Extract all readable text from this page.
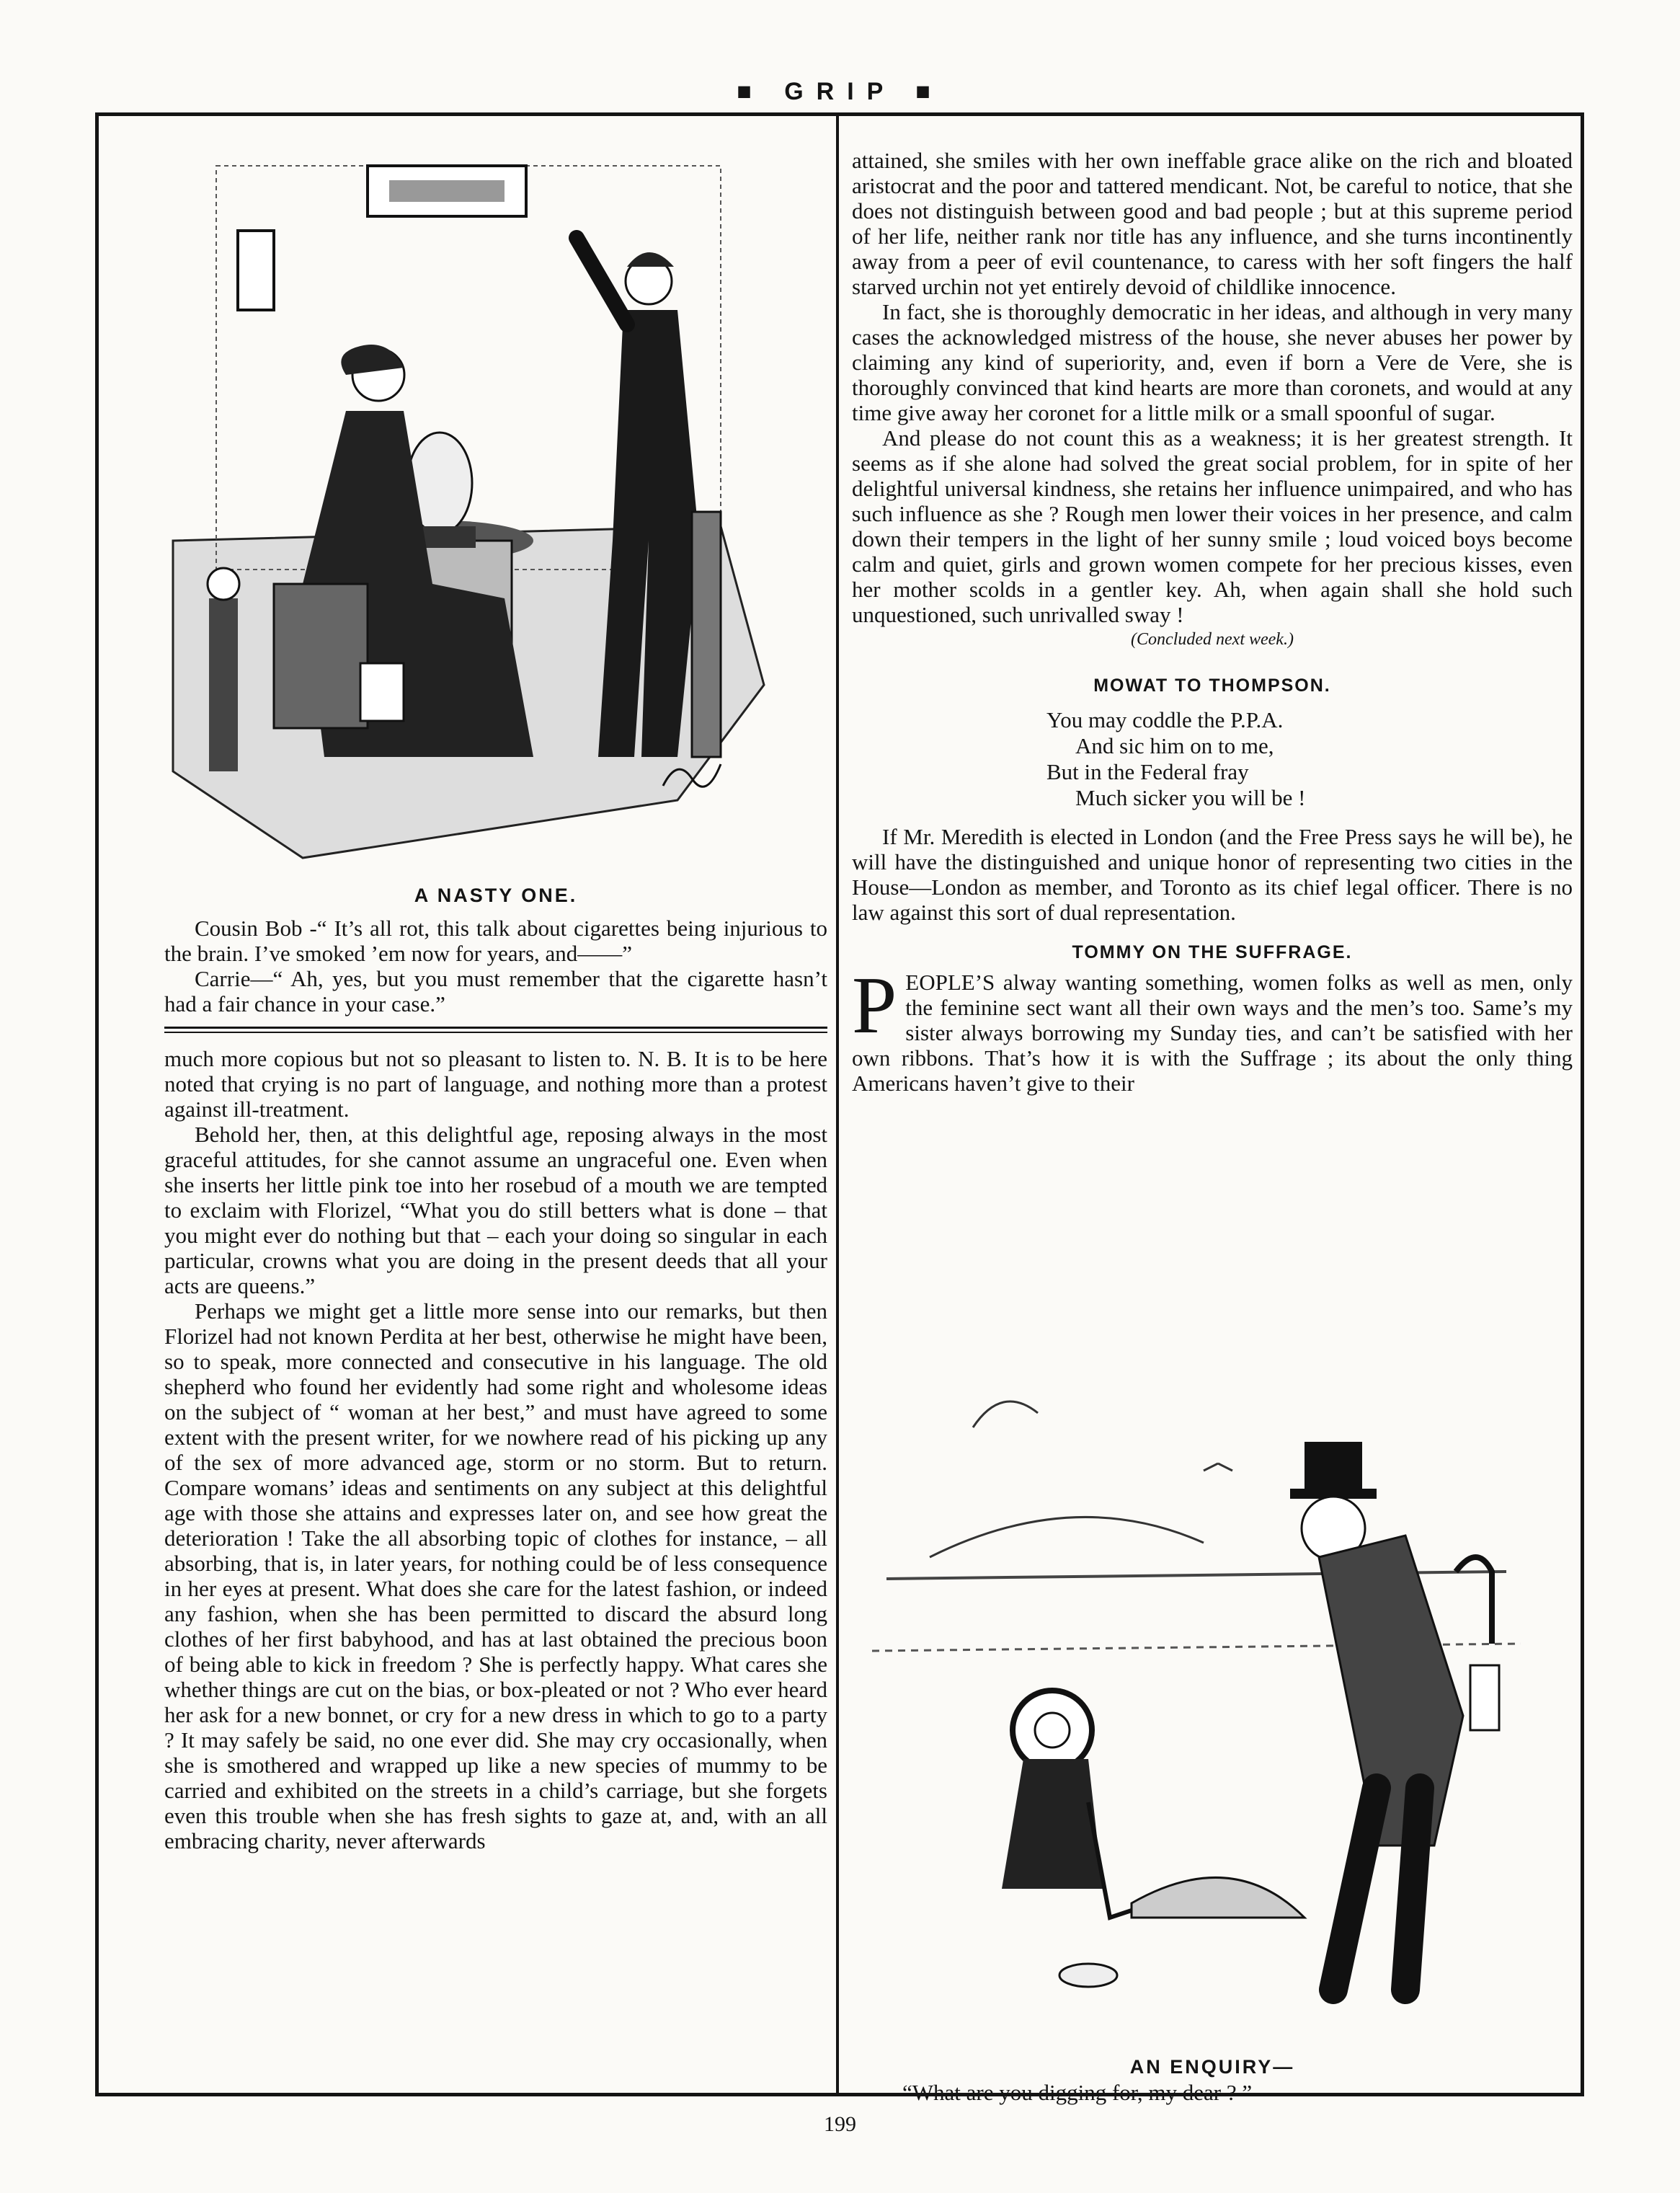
■ GRIP ■
A NASTY ONE.

Cousin Bob -“ It’s all rot, this talk about cigarettes being injurious to the brain. I’ve smoked ’em now for years, and——”

Carrie—“ Ah, yes, but you must remember that the cigarette hasn’t had a fair chance in your case.”

much more copious but not so pleasant to listen to. N. B. It is to be here noted that crying is no part of language, and nothing more than a protest against ill-treatment.

Behold her, then, at this delightful age, reposing always in the most graceful attitudes, for she cannot assume an ungraceful one. Even when she inserts her little pink toe into her rosebud of a mouth we are tempted to exclaim with Florizel, “What you do still betters what is done – that you might ever do nothing but that – each your doing so singular in each particular, crowns what you are doing in the present deeds that all your acts are queens.”

Perhaps we might get a little more sense into our remarks, but then Florizel had not known Perdita at her best, otherwise he might have been, so to speak, more connected and consecutive in his language. The old shepherd who found her evidently had some right and wholesome ideas on the subject of “ woman at her best,” and must have agreed to some extent with the present writer, for we nowhere read of his picking up any of the sex of more advanced age, storm or no storm. But to return. Compare womans’ ideas and sentiments on any subject at this delightful age with those she attains and expresses later on, and see how great the deterioration ! Take the all absorbing topic of clothes for instance, – all absorbing, that is, in later years, for nothing could be of less consequence in her eyes at present. What does she care for the latest fashion, or indeed any fashion, when she has been permitted to discard the absurd long clothes of her first babyhood, and has at last obtained the precious boon of being able to kick in freedom ? She is perfectly happy. What cares she whether things are cut on the bias, or box-pleated or not ? Who ever heard her ask for a new bonnet, or cry for a new dress in which to go to a party ? It may safely be said, no one ever did. She may cry occasionally, when she is smothered and wrapped up like a new species of mummy to be carried and exhibited on the streets in a child’s carriage, but she forgets even this trouble when she has fresh sights to gaze at, and, with an all embracing charity, never afterwards

attained, she smiles with her own ineffable grace alike on the rich and bloated aristocrat and the poor and tattered mendicant. Not, be careful to notice, that she does not distinguish between good and bad people ; but at this supreme period of her life, neither rank nor title has any influence, and she turns incontinently away from a peer of evil countenance, to caress with her soft fingers the half starved urchin not yet entirely devoid of childlike innocence.

In fact, she is thoroughly democratic in her ideas, and although in very many cases the acknowledged mistress of the house, she never abuses her power by claiming any kind of superiority, and, even if born a Vere de Vere, she is thoroughly convinced that kind hearts are more than coronets, and would at any time give away her coronet for a little milk or a small spoonful of sugar.

And please do not count this as a weakness; it is her greatest strength. It seems as if she alone had solved the great social problem, for in spite of her delightful universal kindness, she retains her influence unimpaired, and who has such influence as she ? Rough men lower their voices in her presence, and calm down their tempers in the light of her sunny smile ; loud voiced boys become calm and quiet, girls and grown women compete for her precious kisses, even her mother scolds in a gentler key. Ah, when again shall she hold such unquestioned, such unrivalled sway !

(Concluded next week.)
MOWAT TO THOMPSON.
You may coddle the P.P.A.
And sic him on to me,
But in the Federal fray
Much sicker you will be !

If Mr. Meredith is elected in London (and the Free Press says he will be), he will have the distinguished and unique honor of representing two cities in the House—London as member, and Toronto as its chief legal officer. There is no law against this sort of dual representation.

TOMMY ON THE SUFFRAGE.

PEOPLE’S alway wanting something, women folks as well as men, only the feminine sect want all their own ways and the men’s too. Same’s my sister always borrowing my Sunday ties, and can’t be satisfied with her own ribbons. That’s how it is with the Suffrage ; its about the only thing Americans haven’t give to their

AN ENQUIRY—
“What are you digging for, my dear ? ”
199
